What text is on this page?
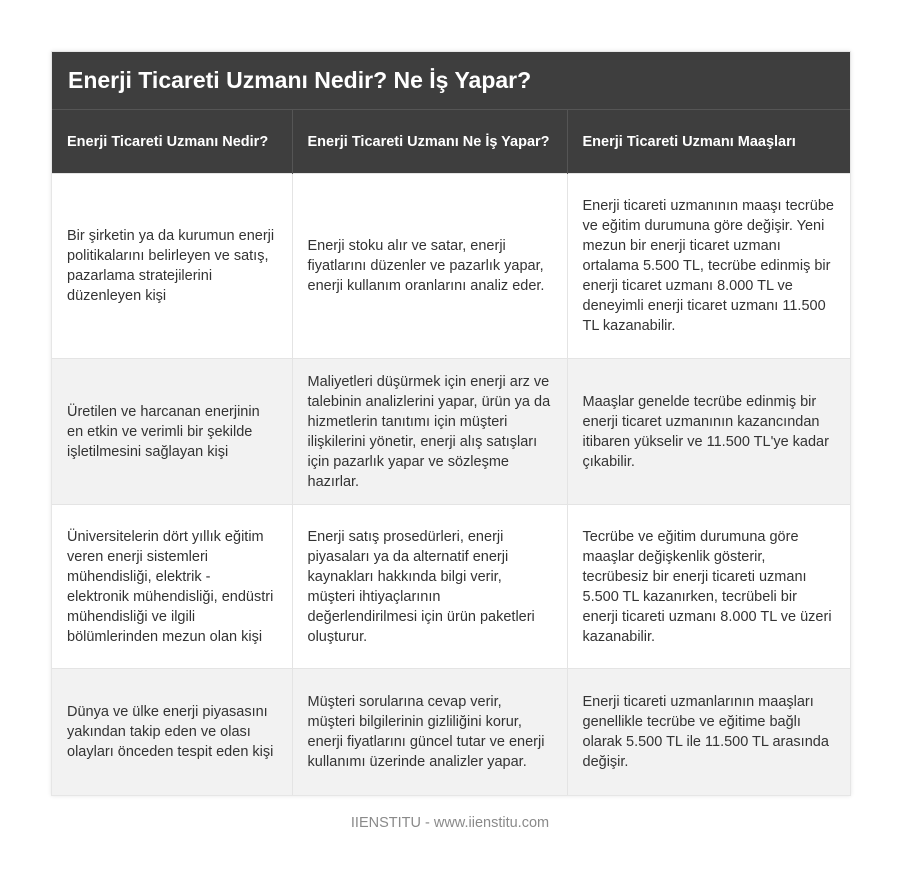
Enerji Ticareti Uzmanı Nedir? Ne İş Yapar?
Enerji Ticareti Uzmanı Nedir?	Enerji Ticareti Uzmanı Ne İş Yapar?	Enerji Ticareti Uzmanı Maaşları
Bir şirketin ya da kurumun enerji politikalarını belirleyen ve satış, pazarlama stratejilerini düzenleyen kişi	Enerji stoku alır ve satar, enerji fiyatlarını düzenler ve pazarlık yapar, enerji kullanım oranlarını analiz eder.	Enerji ticareti uzmanının maaşı tecrübe ve eğitim durumuna göre değişir. Yeni mezun bir enerji ticaret uzmanı ortalama 5.500 TL, tecrübe edinmiş bir enerji ticaret uzmanı 8.000 TL ve deneyimli enerji ticaret uzmanı 11.500 TL kazanabilir.
Üretilen ve harcanan enerjinin en etkin ve verimli bir şekilde işletilmesini sağlayan kişi	Maliyetleri düşürmek için enerji arz ve talebinin analizlerini yapar, ürün ya da hizmetlerin tanıtımı için müşteri ilişkilerini yönetir, enerji alış satışları için pazarlık yapar ve sözleşme hazırlar.	Maaşlar genelde tecrübe edinmiş bir enerji ticaret uzmanının kazancından itibaren yükselir ve 11.500 TL'ye kadar çıkabilir.
Üniversitelerin dört yıllık eğitim veren enerji sistemleri mühendisliği, elektrik - elektronik mühendisliği, endüstri mühendisliği ve ilgili bölümlerinden mezun olan kişi	Enerji satış prosedürleri, enerji piyasaları ya da alternatif enerji kaynakları hakkında bilgi verir, müşteri ihtiyaçlarının değerlendirilmesi için ürün paketleri oluşturur.	Tecrübe ve eğitim durumuna göre maaşlar değişkenlik gösterir, tecrübesiz bir enerji ticareti uzmanı 5.500 TL kazanırken, tecrübeli bir enerji ticareti uzmanı 8.000 TL ve üzeri kazanabilir.
Dünya ve ülke enerji piyasasını yakından takip eden ve olası olayları önceden tespit eden kişi	Müşteri sorularına cevap verir, müşteri bilgilerinin gizliliğini korur, enerji fiyatlarını güncel tutar ve enerji kullanımı üzerinde analizler yapar.	Enerji ticareti uzmanlarının maaşları genellikle tecrübe ve eğitime bağlı olarak 5.500 TL ile 11.500 TL arasında değişir.
IIENSTITU - www.iienstitu.com
